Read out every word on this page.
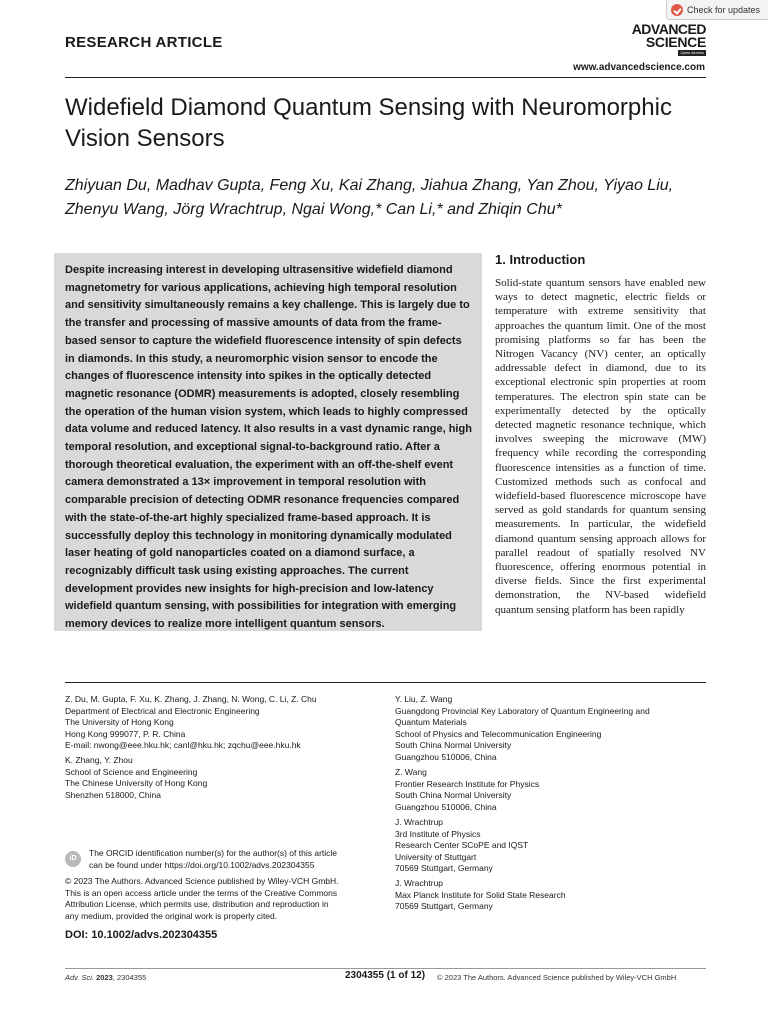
Check for updates
RESEARCH ARTICLE
ADVANCED
SCIENCE
Open Access
www.advancedscience.com
Widefield Diamond Quantum Sensing with Neuromorphic Vision Sensors
Zhiyuan Du, Madhav Gupta, Feng Xu, Kai Zhang, Jiahua Zhang, Yan Zhou, Yiyao Liu, Zhenyu Wang, Jörg Wrachtrup, Ngai Wong,* Can Li,* and Zhiqin Chu*

Despite increasing interest in developing ultrasensitive widefield diamond magnetometry for various applications, achieving high temporal resolution and sensitivity simultaneously remains a key challenge. This is largely due to the transfer and processing of massive amounts of data from the frame-based sensor to capture the widefield fluorescence intensity of spin defects in diamonds. In this study, a neuromorphic vision sensor to encode the changes of fluorescence intensity into spikes in the optically detected magnetic resonance (ODMR) measurements is adopted, closely resembling the operation of the human vision system, which leads to highly compressed data volume and reduced latency. It also results in a vast dynamic range, high temporal resolution, and exceptional signal-to-background ratio. After a thorough theoretical evaluation, the experiment with an off-the-shelf event camera demonstrated a 13× improvement in temporal resolution with comparable precision of detecting ODMR resonance frequencies compared with the state-of-the-art highly specialized frame-based approach. It is successfully deploy this technology in monitoring dynamically modulated laser heating of gold nanoparticles coated on a diamond surface, a recognizably difficult task using existing approaches. The current development provides new insights for high-precision and low-latency widefield quantum sensing, with possibilities for integration with emerging memory devices to realize more intelligent quantum sensors.

1. Introduction

Solid-state quantum sensors have enabled new ways to detect magnetic, electric fields or temperature with extreme sensitivity that approaches the quantum limit. One of the most promising platforms so far has been the Nitrogen Vacancy (NV) center, an optically addressable defect in diamond, due to its exceptional electronic spin properties at room temperatures. The electron spin state can be experimentally detected by the optically detected magnetic resonance technique, which involves sweeping the microwave (MW) frequency while recording the corresponding fluorescence intensities as a function of time. Customized methods such as confocal and widefield-based fluorescence microscope have served as gold standards for quantum sensing measurements. In particular, the widefield diamond quantum sensing approach allows for parallel readout of spatially resolved NV fluorescence, offering enormous potential in diverse fields. Since the first experimental demonstration, the NV-based widefield quantum sensing platform has been rapidly

Z. Du, M. Gupta, F. Xu, K. Zhang, J. Zhang, N. Wong, C. Li, Z. Chu
Department of Electrical and Electronic Engineering
The University of Hong Kong
Hong Kong 999077, P. R. China
E-mail: nwong@eee.hku.hk; canl@hku.hk; zqchu@eee.hku.hk

K. Zhang, Y. Zhou
School of Science and Engineering
The Chinese University of Hong Kong
Shenzhen 518000, China

Y. Liu, Z. Wang
Guangdong Provincial Key Laboratory of Quantum Engineering and
Quantum Materials
School of Physics and Telecommunication Engineering
South China Normal University
Guangzhou 510006, China

Z. Wang
Frontier Research Institute for Physics
South China Normal University
Guangzhou 510006, China

J. Wrachtrup
3rd Institute of Physics
Research Center SCoPE and IQST
University of Stuttgart
70569 Stuttgart, Germany

J. Wrachtrup
Max Planck Institute for Solid State Research
70569 Stuttgart, Germany

iD

The ORCID identification number(s) for the author(s) of this article
can be found under https://doi.org/10.1002/advs.202304355

© 2023 The Authors. Advanced Science published by Wiley-VCH GmbH.
This is an open access article under the terms of the Creative Commons
Attribution License, which permits use, distribution and reproduction in
any medium, provided the original work is properly cited.

DOI: 10.1002/advs.202304355
Adv. Sci. 2023, 2304355	2304355 (1 of 12) © 2023 The Authors. Advanced Science published by Wiley-VCH GmbH
